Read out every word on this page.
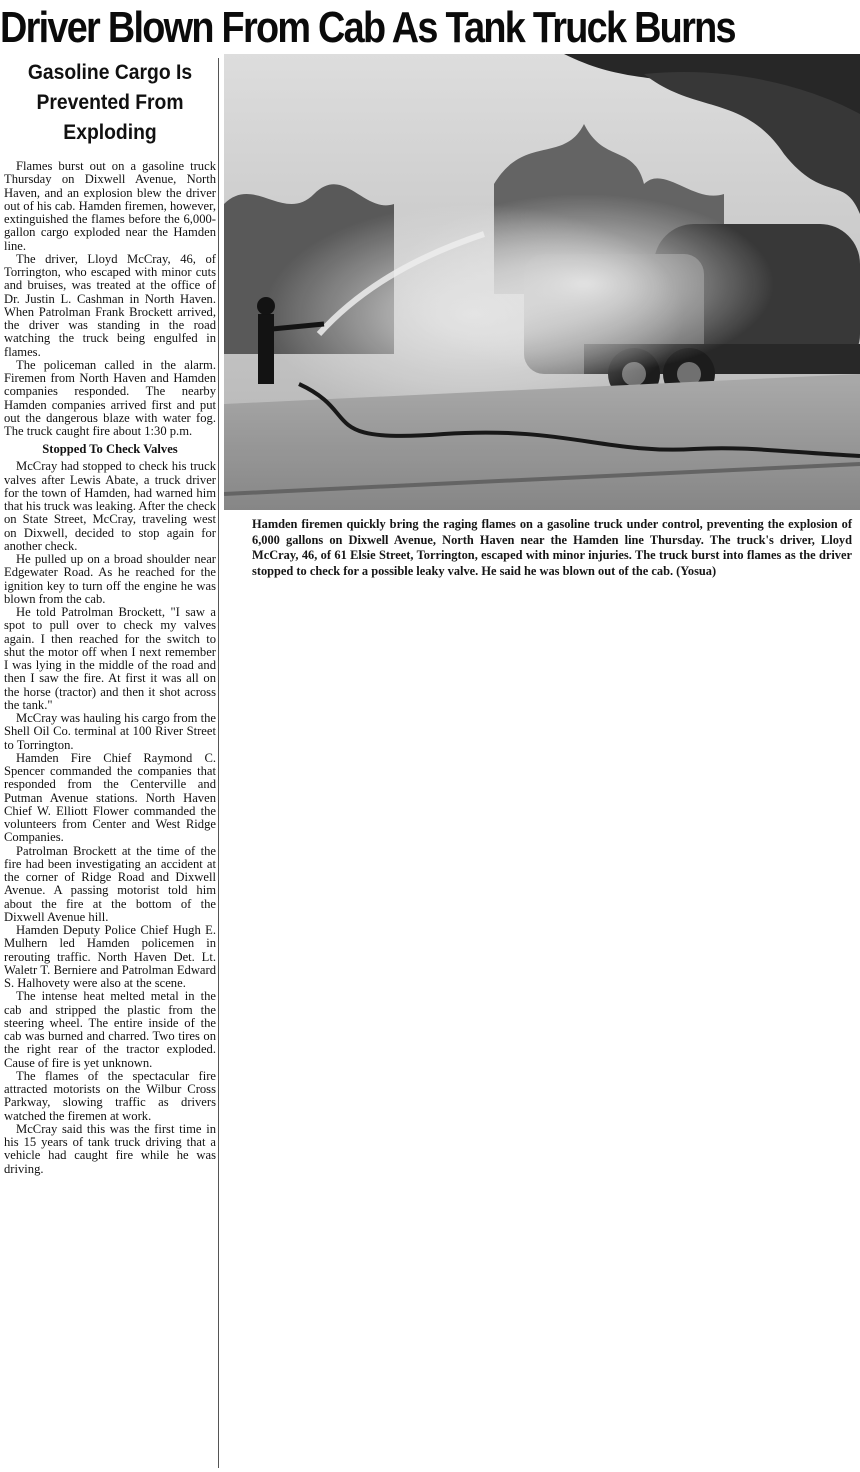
Driver Blown From Cab As Tank Truck Burns
Gasoline Cargo Is Prevented From Exploding

Flames burst out on a gasoline truck Thursday on Dixwell Avenue, North Haven, and an explosion blew the driver out of his cab. Hamden firemen, however, extinguished the flames before the 6,000-gallon cargo exploded near the Hamden line.

The driver, Lloyd McCray, 46, of Torrington, who escaped with minor cuts and bruises, was treated at the office of Dr. Justin L. Cashman in North Haven. When Patrolman Frank Brockett arrived, the driver was standing in the road watching the truck being engulfed in flames.

The policeman called in the alarm. Firemen from North Haven and Hamden companies responded. The nearby Hamden companies arrived first and put out the dangerous blaze with water fog. The truck caught fire about 1:30 p.m.

Stopped To Check Valves

McCray had stopped to check his truck valves after Lewis Abate, a truck driver for the town of Hamden, had warned him that his truck was leaking. After the check on State Street, McCray, traveling west on Dixwell, decided to stop again for another check.

He pulled up on a broad shoulder near Edgewater Road. As he reached for the ignition key to turn off the engine he was blown from the cab.

He told Patrolman Brockett, "I saw a spot to pull over to check my valves again. I then reached for the switch to shut the motor off when I next remember I was lying in the middle of the road and then I saw the fire. At first it was all on the horse (tractor) and then it shot across the tank."

McCray was hauling his cargo from the Shell Oil Co. terminal at 100 River Street to Torrington.

Hamden Fire Chief Raymond C. Spencer commanded the companies that responded from the Centerville and Putman Avenue stations. North Haven Chief W. Elliott Flower commanded the volunteers from Center and West Ridge Companies.

Patrolman Brockett at the time of the fire had been investigating an accident at the corner of Ridge Road and Dixwell Avenue. A passing motorist told him about the fire at the bottom of the Dixwell Avenue hill.

Hamden Deputy Police Chief Hugh E. Mulhern led Hamden policemen in rerouting traffic. North Haven Det. Lt. Waletr T. Berniere and Patrolman Edward S. Halhovety were also at the scene.

The intense heat melted metal in the cab and stripped the plastic from the steering wheel. The entire inside of the cab was burned and charred. Two tires on the right rear of the tractor exploded. Cause of fire is yet unknown.

The flames of the spectacular fire attracted motorists on the Wilbur Cross Parkway, slowing traffic as drivers watched the firemen at work.

McCray said this was the first time in his 15 years of tank truck driving that a vehicle had caught fire while he was driving.

Hamden firemen quickly bring the raging flames on a gasoline truck under control, preventing the explosion of 6,000 gallons on Dixwell Avenue, North Haven near the Hamden line Thursday. The truck's driver, Lloyd McCray, 46, of 61 Elsie Street, Torrington, escaped with minor injuries. The truck burst into flames as the driver stopped to check for a possible leaky valve. He said he was blown out of the cab. (Yosua)
